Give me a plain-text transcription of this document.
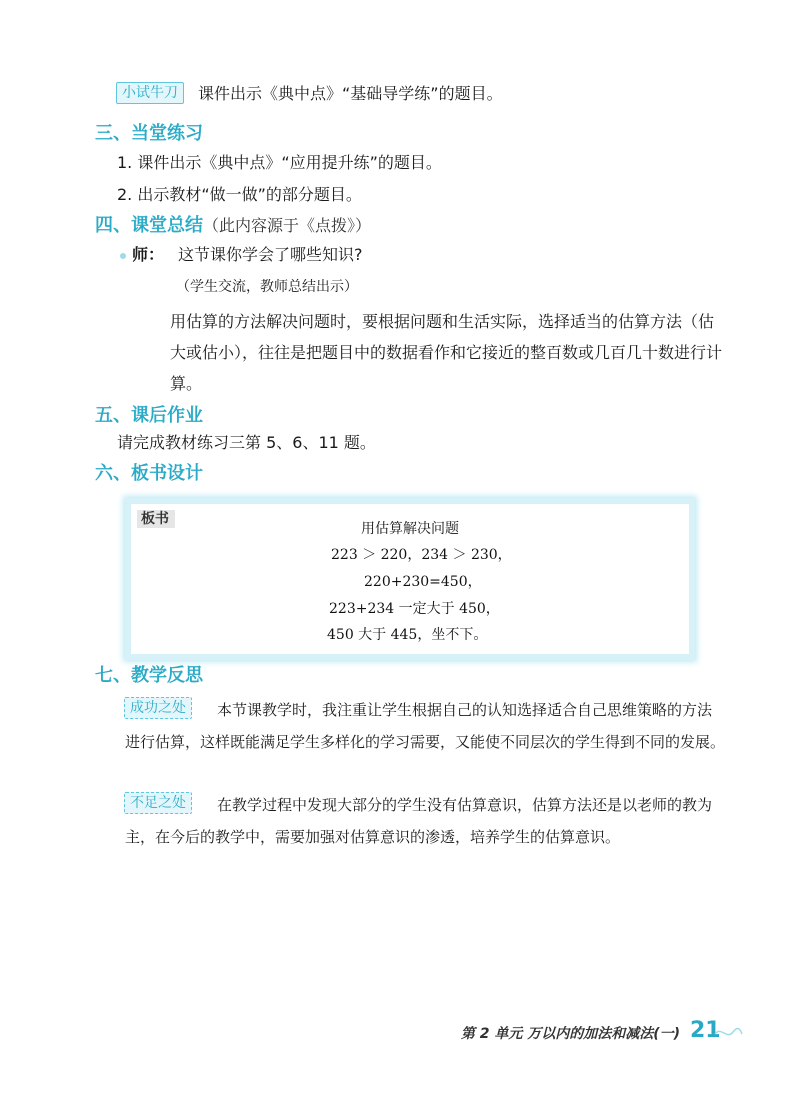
小试牛刀	课件出示《典中点》“基础导学练”的题目。
三、当堂练习
1. 课件出示《典中点》“应用提升练”的题目。
2. 出示教材“做一做”的部分题目。
四、课堂总结（此内容源于《点拨》）
师： 这节课你学会了哪些知识?
（学生交流，教师总结出示）
用估算的方法解决问题时，要根据问题和生活实际，选择适当的估算方法（估大或估小），往往是把题目中的数据看作和它接近的整百数或几百几十数进行计算。
五、课后作业
请完成教材练习三第 5、6、11 题。
六、板书设计
板书
用估算解决问题
223 ＞ 220，234 ＞ 230，
220+230=450，
223+234 一定大于 450，
450 大于 445，坐不下。
七、教学反思
成功之处	本节课教学时，我注重让学生根据自己的认知选择适合自己思维策略的方法进行估算，这样既能满足学生多样化的学习需要，又能使不同层次的学生得到不同的发展。
不足之处	在教学过程中发现大部分的学生没有估算意识，估算方法还是以老师的教为主，在今后的教学中，需要加强对估算意识的渗透，培养学生的估算意识。
第 2 单元 万以内的加法和减法(一) 21
